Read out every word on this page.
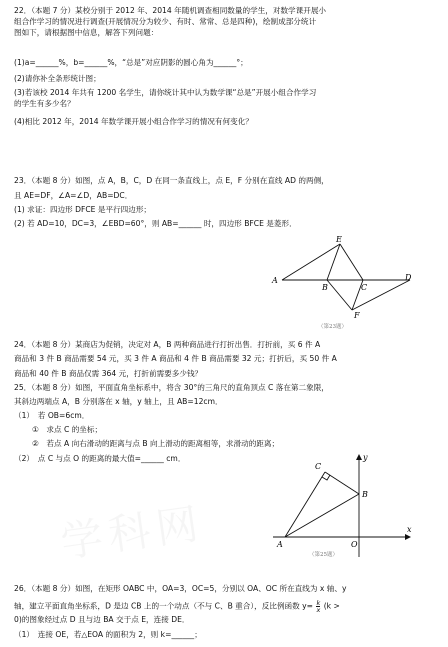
22．（本题 7 分）某校分别于 2012 年、2014 年随机调查相同数量的学生，对数学课开展小
组合作学习的情况进行调查(开展情况分为较少、有时、常常、总是四种)，绘制成部分统计
图如下，请根据图中信息，解答下列问题：
(1)a=______%，b=______%，“总是”对应阴影的圆心角为______°；
(2)请你补全条形统计图；
(3)若该校 2014 年共有 1200 名学生，请你统计其中认为数学课“总是”开展小组合作学习
的学生有多少名？
(4)相比 2012 年，2014 年数学课开展小组合作学习的情况有何变化？
23．（本题 8 分）如图，点 A，B，C，D 在同一条直线上，点 E，F 分别在直线 AD 的两侧，
且 AE=DF，∠A=∠D，AB=DC．
(1) 求证：四边形 DFCE 是平行四边形；
(2) 若 AD=10，DC=3，∠EBD=60°，则 AB=______ 时，四边形 BFCE 是菱形．
A
B	C
D
E
F
（第23题）
24．（本题 8 分）某商店为促销，决定对 A，B 两种商品进行打折出售．打折前，买 6 件 A
商品和 3 件 B 商品需要 54 元，买 3 件 A 商品和 4 件 B 商品需要 32 元；打折后，买 50 件 A
商品和 40 件 B 商品仅需 364 元，打折前需要多少钱？
25．（本题 8 分）如图，平面直角坐标系中，将含 30°的三角尺的直角顶点 C 落在第二象限，
其斜边两端点 A，B 分别落在 x 轴，y 轴上，且 AB=12cm．
（1）　若 OB=6cm．
①　求点 C 的坐标；
②　若点 A 向右滑动的距离与点 B 向上滑动的距离相等，求滑动的距离；
（2）　点 C 与点 O 的距离的最大值=______ cm．
C
B
A	O
x
y
（第25题）
26．（本题 8 分）如图，在矩形 OABC 中，OA=3，OC=5，分别以 OA、OC 所在直线为 x 轴、y
轴，建立平面直角坐标系，D 是边 CB 上的一个动点（不与 C、B 重合），反比例函数 $y= \frac{k}{x} (k$ >
0)的图象经过点 D 且与边 BA 交于点 E，连接 DE．
（1）　连接 OE，若△EOA 的面积为 2，则 k=______；
